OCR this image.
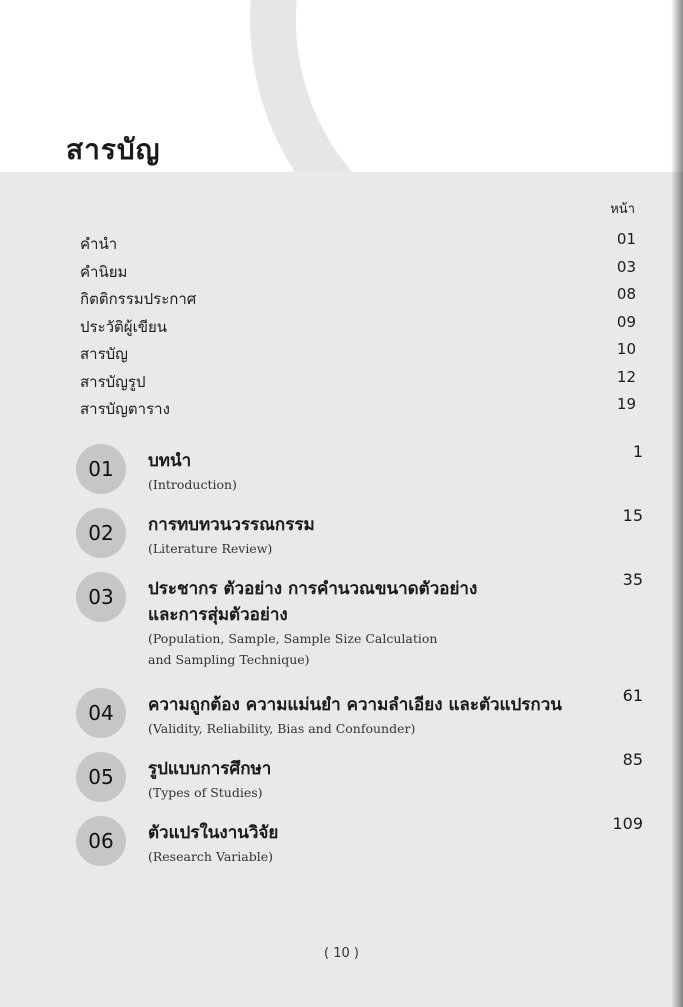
สารบัญ
หน้า
คำนำ	01
คำนิยม	03
กิตติกรรมประกาศ	08
ประวัติผู้เขียน	09
สารบัญ	10
สารบัญรูป	12
สารบัญตาราง	19
01	บทนำ
(Introduction)
1
02	การทบทวนวรรณกรรม
(Literature Review)
15
03	ประชากร ตัวอย่าง การคำนวณขนาดตัวอย่าง
และการสุ่มตัวอย่าง
(Population, Sample, Sample Size Calculation
and Sampling Technique)
35
04	ความถูกต้อง ความแม่นยำ ความลำเอียง และตัวแปรกวน
(Validity, Reliability, Bias and Confounder)
61
05	รูปแบบการศึกษา
(Types of Studies)
85
06	ตัวแปรในงานวิจัย
(Research Variable)
109
( 10 )
